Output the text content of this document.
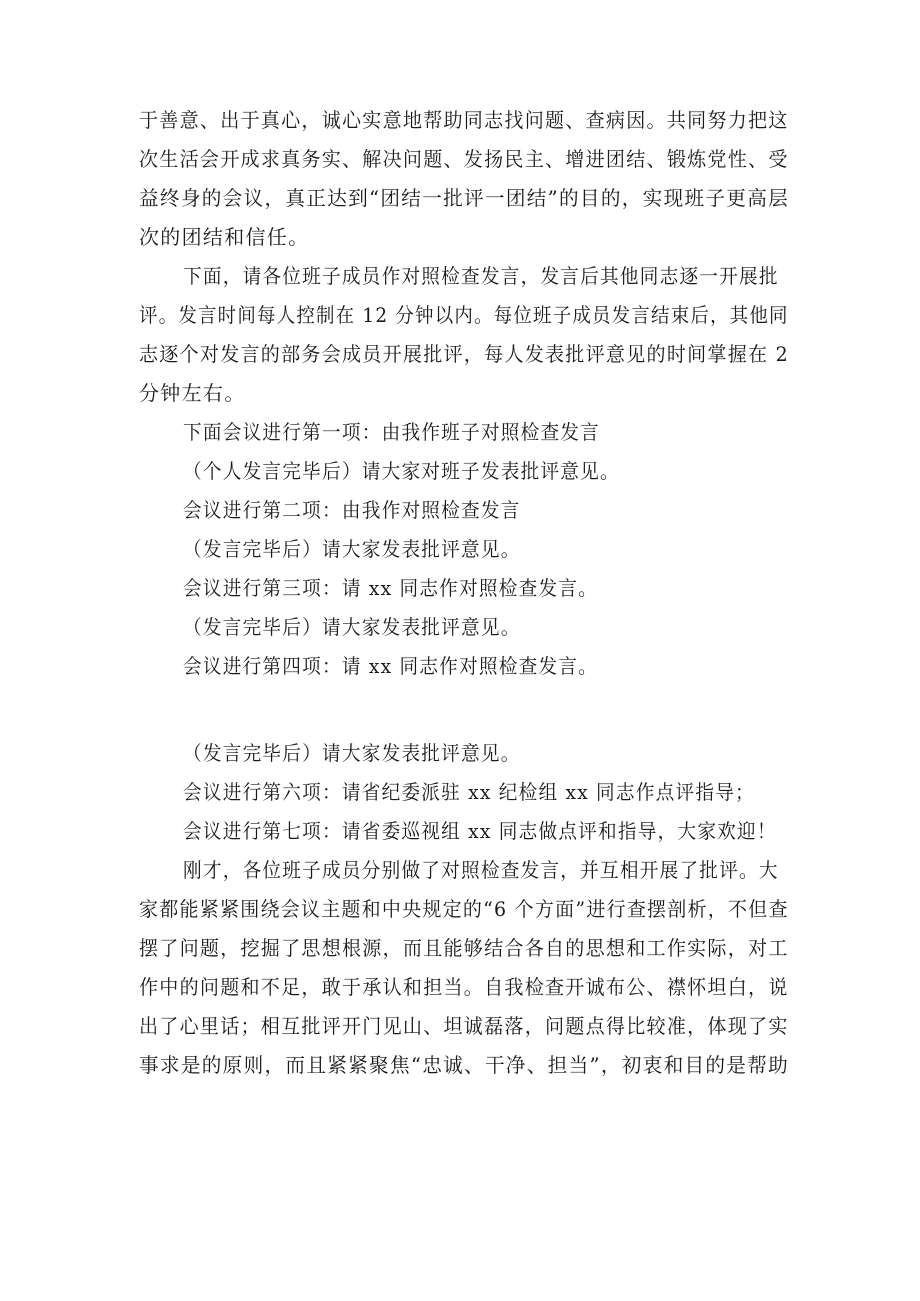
于善意、出于真心，诚心实意地帮助同志找问题、查病因。共同努力把这
次生活会开成求真务实、解决问题、发扬民主、增进团结、锻炼党性、受
益终身的会议，真正达到“团结一批评一团结”的目的，实现班子更高层
次的团结和信任。
下面，请各位班子成员作对照检查发言，发言后其他同志逐一开展批
评。发言时间每人控制在 12 分钟以内。每位班子成员发言结束后，其他同
志逐个对发言的部务会成员开展批评，每人发表批评意见的时间掌握在 2
分钟左右。
下面会议进行第一项：由我作班子对照检查发言
（个人发言完毕后）请大家对班子发表批评意见。
会议进行第二项：由我作对照检查发言
（发言完毕后）请大家发表批评意见。
会议进行第三项：请 xx 同志作对照检查发言。
（发言完毕后）请大家发表批评意见。
会议进行第四项：请 xx 同志作对照检查发言。
（发言完毕后）请大家发表批评意见。
会议进行第六项：请省纪委派驻 xx 纪检组 xx 同志作点评指导；
会议进行第七项：请省委巡视组 xx 同志做点评和指导，大家欢迎！
刚才，各位班子成员分别做了对照检查发言，并互相开展了批评。大
家都能紧紧围绕会议主题和中央规定的“6 个方面”进行查摆剖析，不但查
摆了问题，挖掘了思想根源，而且能够结合各自的思想和工作实际，对工
作中的问题和不足，敢于承认和担当。自我检查开诚布公、襟怀坦白，说
出了心里话；相互批评开门见山、坦诚磊落，问题点得比较准，体现了实
事求是的原则，而且紧紧聚焦“忠诚、干净、担当”，初衷和目的是帮助
